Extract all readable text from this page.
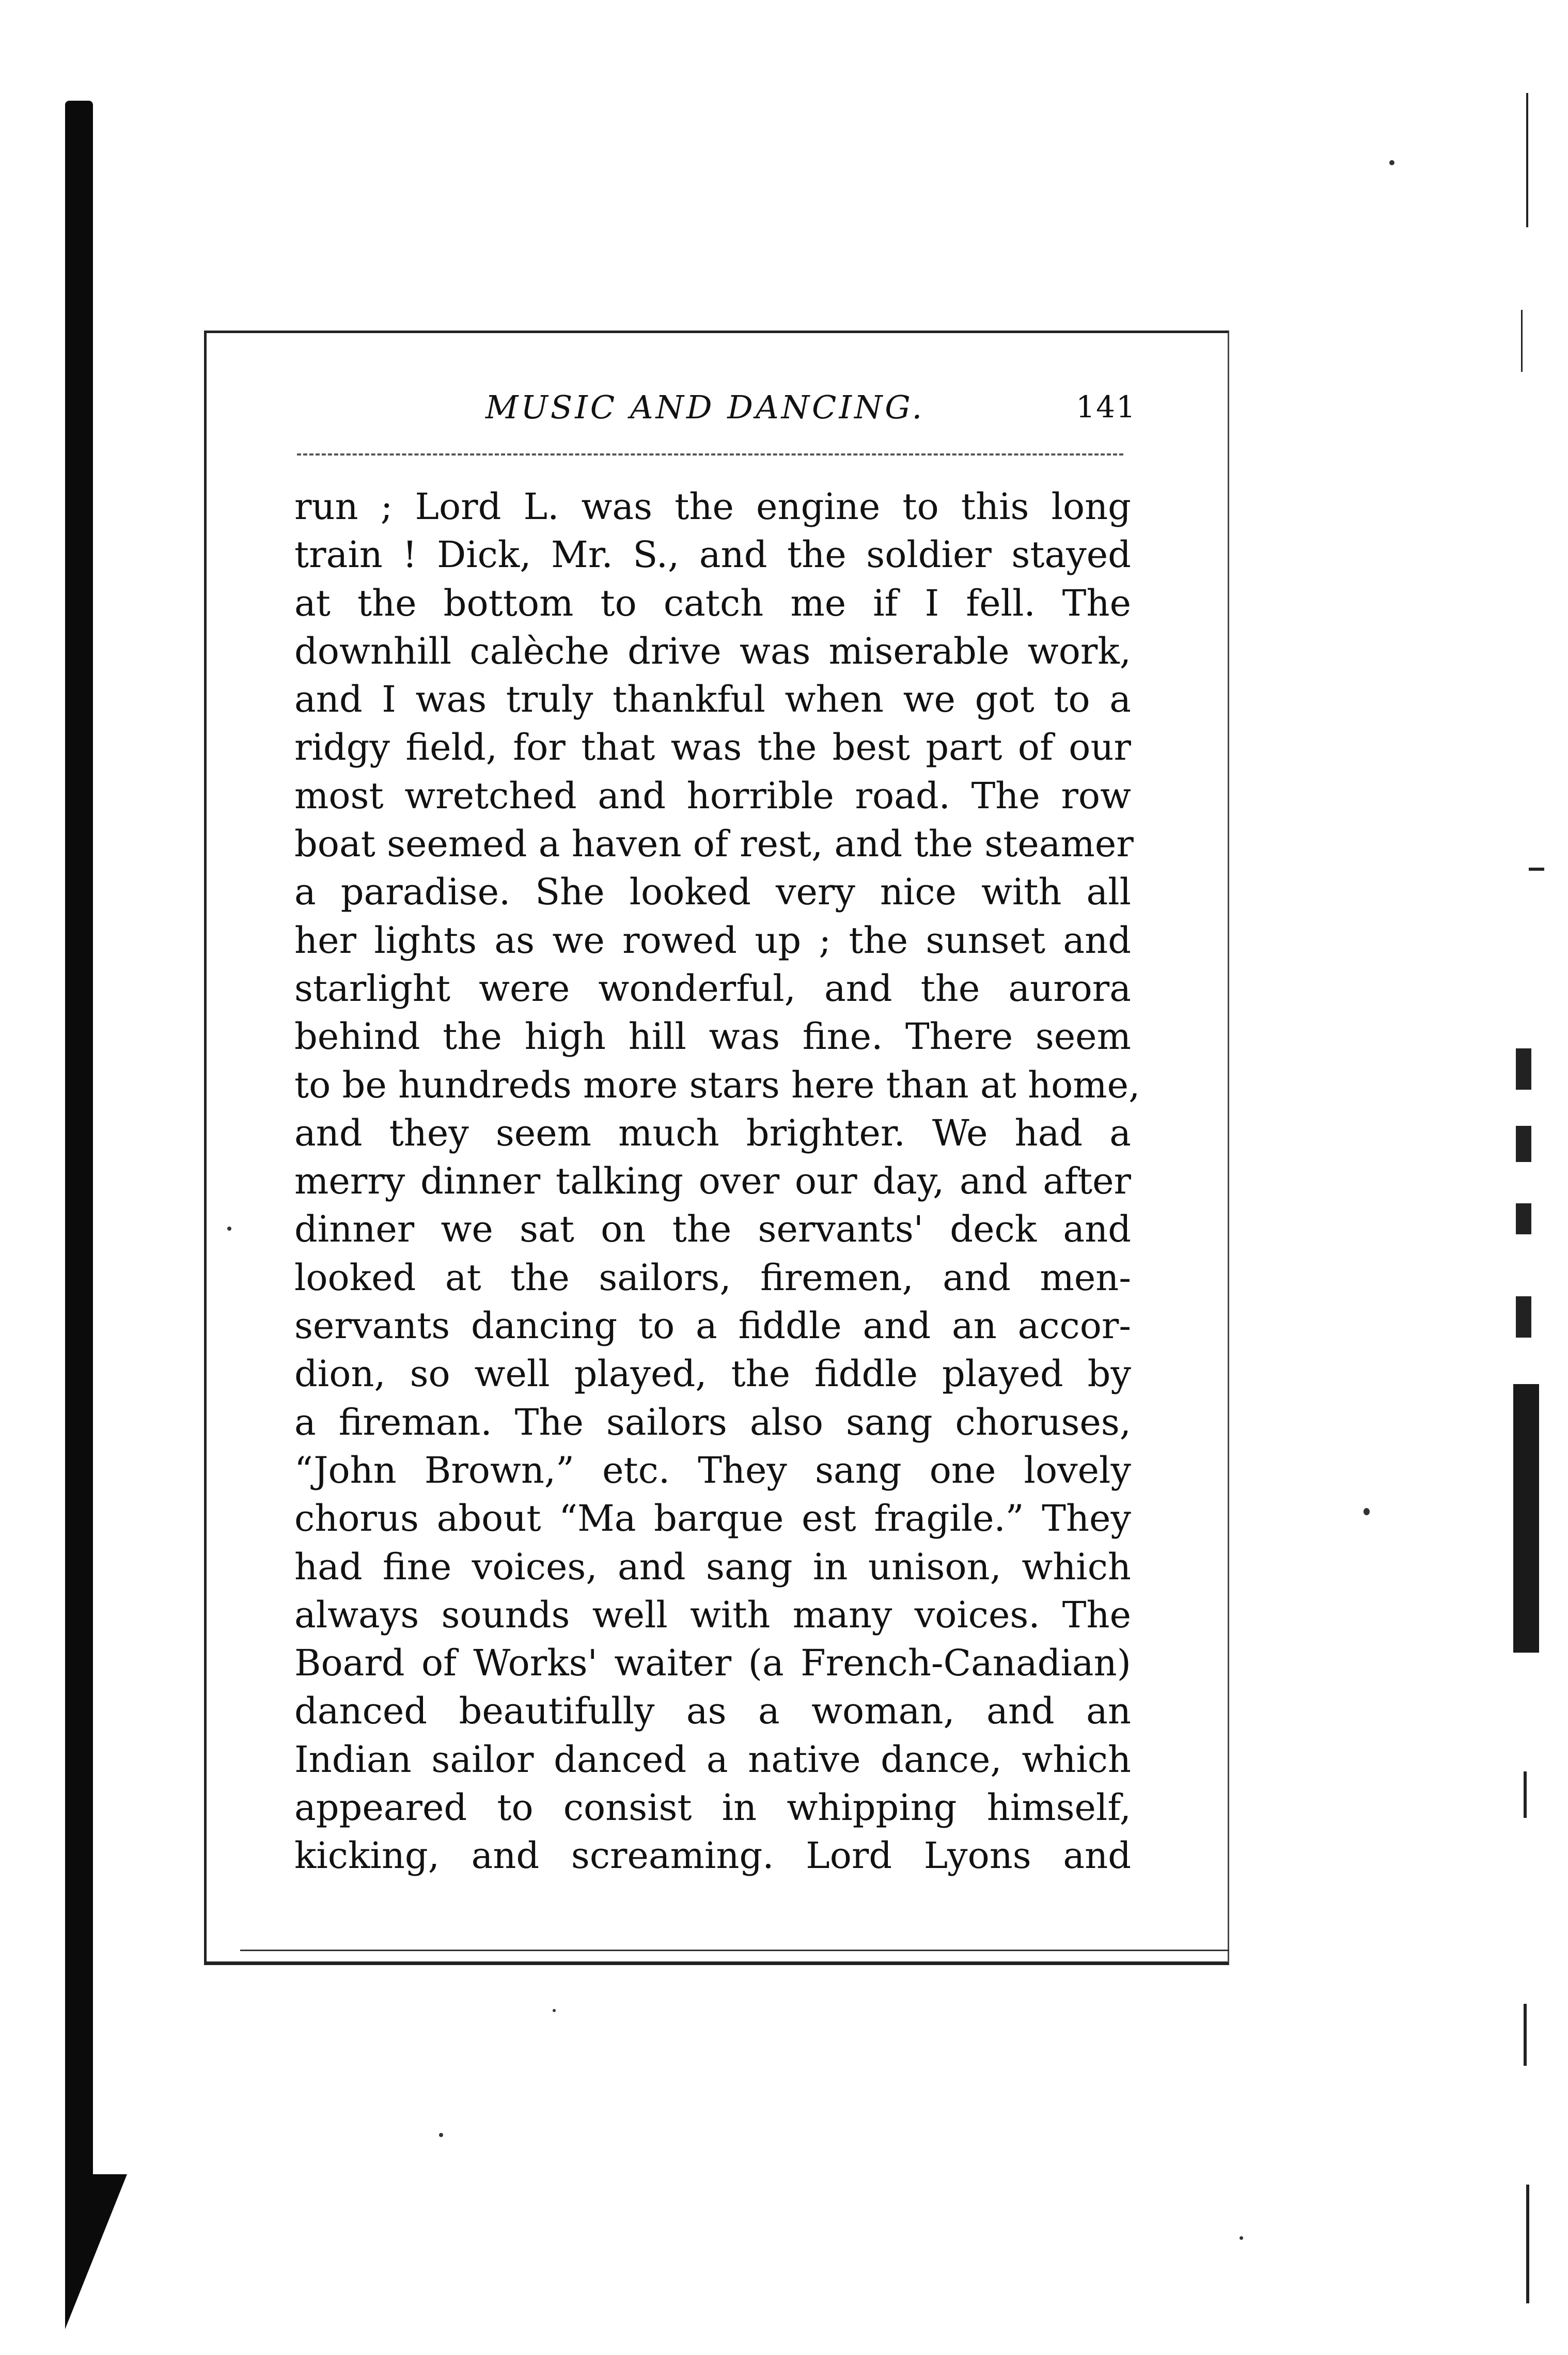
MUSIC AND DANCING.	141
run ; Lord L. was the engine to this long
train ! Dick, Mr. S., and the soldier stayed
at the bottom to catch me if I fell. The
downhill calèche drive was miserable work,
and I was truly thankful when we got to a
ridgy field, for that was the best part of our
most wretched and horrible road. The row
boat seemed a haven of rest, and the steamer
a paradise. She looked very nice with all
her lights as we rowed up ; the sunset and
starlight were wonderful, and the aurora
behind the high hill was fine. There seem
to be hundreds more stars here than at home,
and they seem much brighter. We had a
merry dinner talking over our day, and after
dinner we sat on the servants' deck and
looked at the sailors, firemen, and men-
servants dancing to a fiddle and an accor-
dion, so well played, the fiddle played by
a fireman. The sailors also sang choruses,
“John Brown,” etc. They sang one lovely
chorus about “Ma barque est fragile.” They
had fine voices, and sang in unison, which
always sounds well with many voices. The
Board of Works' waiter (a French-Canadian)
danced beautifully as a woman, and an
Indian sailor danced a native dance, which
appeared to consist in whipping himself,
kicking, and screaming. Lord Lyons and
